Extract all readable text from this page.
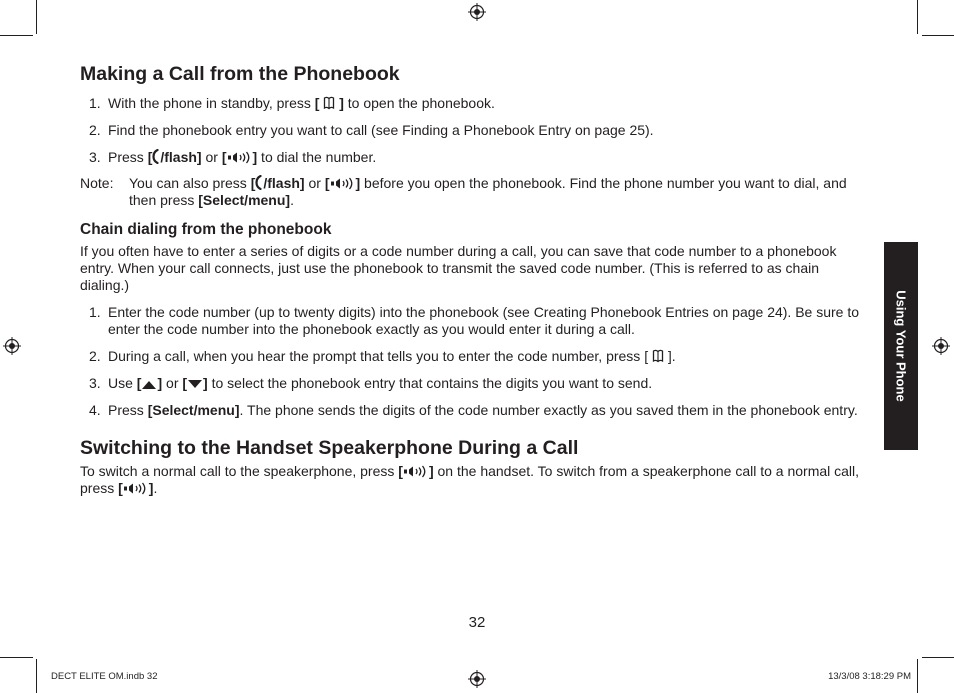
Making a Call from the Phonebook
1. With the phone in standby, press [ ] to open the phonebook.
2. Find the phonebook entry you want to call (see Finding a Phonebook Entry on page 25).
3. Press [ /flash] or [ ] to dial the number.
Note: You can also press [ /flash] or [ ] before you open the phonebook. Find the phone number you want to dial, and then press [Select/menu].
Chain dialing from the phonebook

If you often have to enter a series of digits or a code number during a call, you can save that code number to a phonebook entry. When your call connects, just use the phonebook to transmit the saved code number. (This is referred to as chain dialing.)

1. Enter the code number (up to twenty digits) into the phonebook (see Creating Phonebook Entries on page 24). Be sure to enter the code number into the phonebook exactly as you would enter it during a call.
2. During a call, when you hear the prompt that tells you to enter the code number, press [  ].
3. Use [ ] or [ ] to select the phonebook entry that contains the digits you want to send.
4. Press [Select/menu]. The phone sends the digits of the code number exactly as you saved them in the phonebook entry.
Switching to the Handset Speakerphone During a Call

To switch a normal call to the speakerphone, press [ ] on the handset. To switch from a speakerphone call to a normal call, press [ ].

Using Your Phone
32
DECT ELITE OM.indb 32	13/3/08 3:18:29 PM
